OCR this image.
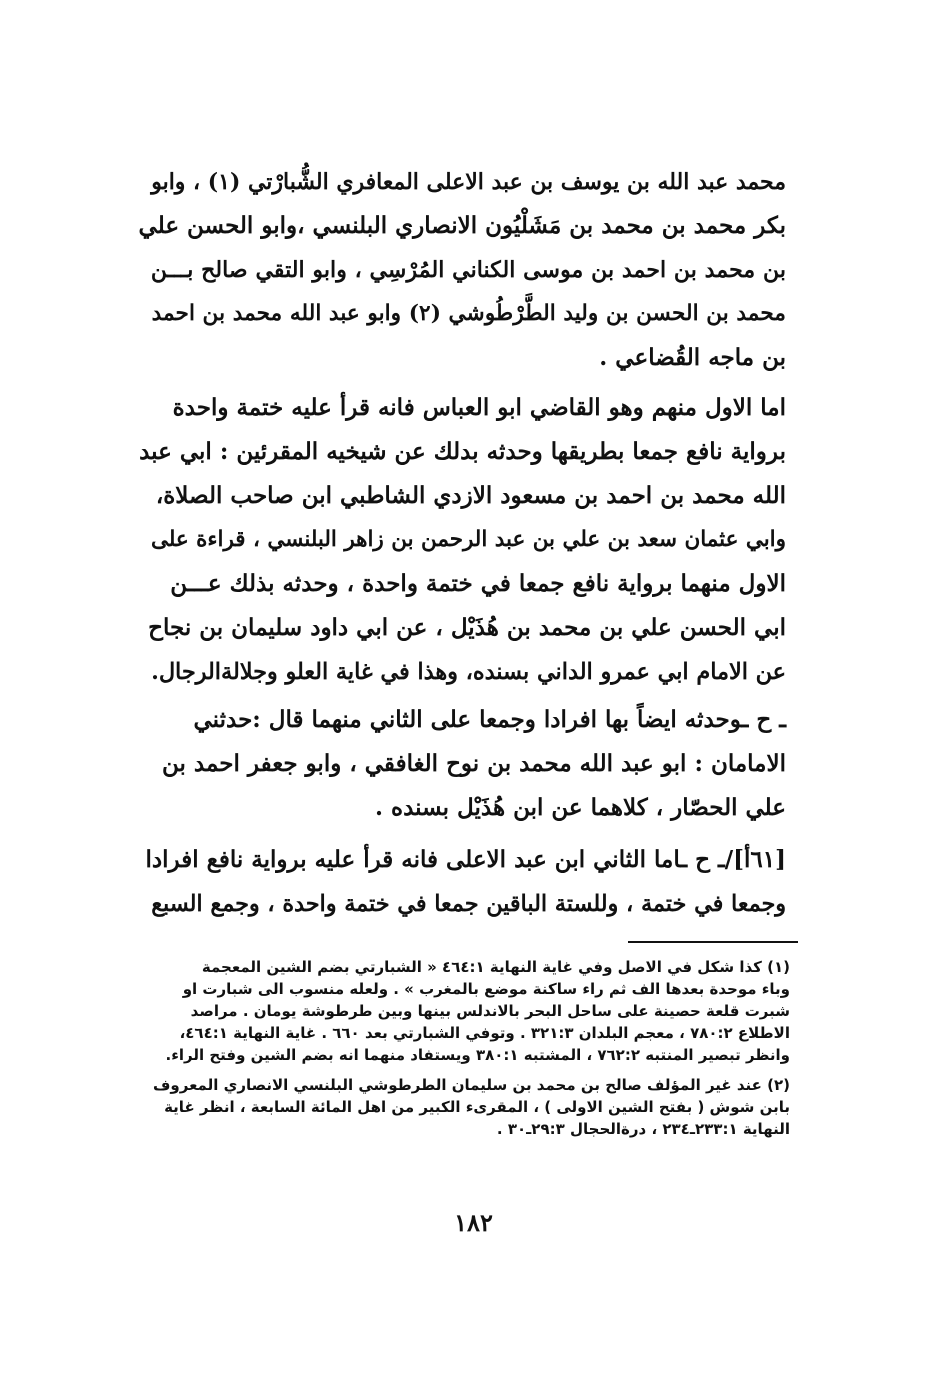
محمد عبد الله بن يوسف بن عبد الاعلى المعافري الشُّبارْتي (١) ، وابو
بكر محمد بن محمد بن مَشَلْيُون الانصاري البلنسي ،وابو الحسن علي
بن محمد بن احمد بن موسى الكناني المُرْسِي ، وابو التقي صالح بـــن
محمد بن الحسن بن وليد الطَّرْطُوشي (٢) وابو عبد الله محمد بن احمد
بن ماجه القُضاعي .
اما الاول منهم وهو القاضي ابو العباس فانه قرأ عليه ختمة واحدة
برواية نافع جمعا بطريقها وحدثه بدلك عن شيخيه المقرئين : ابي عبد
الله محمد بن احمد بن مسعود الازدي الشاطبي ابن صاحب الصلاة،
وابي عثمان سعد بن علي بن عبد الرحمن بن زاهر البلنسي ، قراءة على
الاول منهما برواية نافع جمعا في ختمة واحدة ، وحدثه بذلك عـــن
ابي الحسن علي بن محمد بن هُذَيْل ، عن ابي داود سليمان بن نجاح
عن الامام ابي عمرو الداني بسنده، وهذا في غاية العلو وجلالةالرجال.
ـ ح ـوحدثه ايضاً بها افرادا وجمعا على الثاني منهما قال :حدثني
الامامان : ابو عبد الله محمد بن نوح الغافقي ، وابو جعفر احمد بن
علي الحصّار ، كلاهما عن ابن هُذَيْل بسنده .
[٦١أ]/ـ ح ـاما الثاني ابن عبد الاعلى فانه قرأ عليه برواية نافع افرادا
وجمعا في ختمة ، وللستة الباقين جمعا في ختمة واحدة ، وجمع السبع
(١) كذا شكل في الاصل وفي غاية النهاية ٤٦٤:١ « الشبارتي بضم الشين المعجمة
وباء موحدة بعدها الف ثم راء ساكنة موضع بالمغرب » . ولعله منسوب الى شبارت او
شبرت قلعة حصينة على ساحل البحر بالاندلس بينها وبين طرطوشة يومان . مراصد
الاطلاع ٧٨٠:٢ ، معجم البلدان ٣٢١:٣ . وتوفي الشبارتي بعد ٦٦٠ . غاية النهاية ٤٦٤:١،
وانظر تبصير المنتبه ٧٦٢:٢ ، المشتبه ٣٨٠:١ ويستفاد منهما انه بضم الشين وفتح الراء.
(٢) عند غير المؤلف صالح بن محمد بن سليمان الطرطوشي البلنسي الانصاري المعروف
بابن شوش ( بفتح الشين الاولى ) ، المقرىء الكبير من اهل المائة السابعة ، انظر غاية
النهاية ٢٣٣:١ـ٢٣٤ ، درةالحجال ٢٩:٣ـ٣٠ .
١٨٢
